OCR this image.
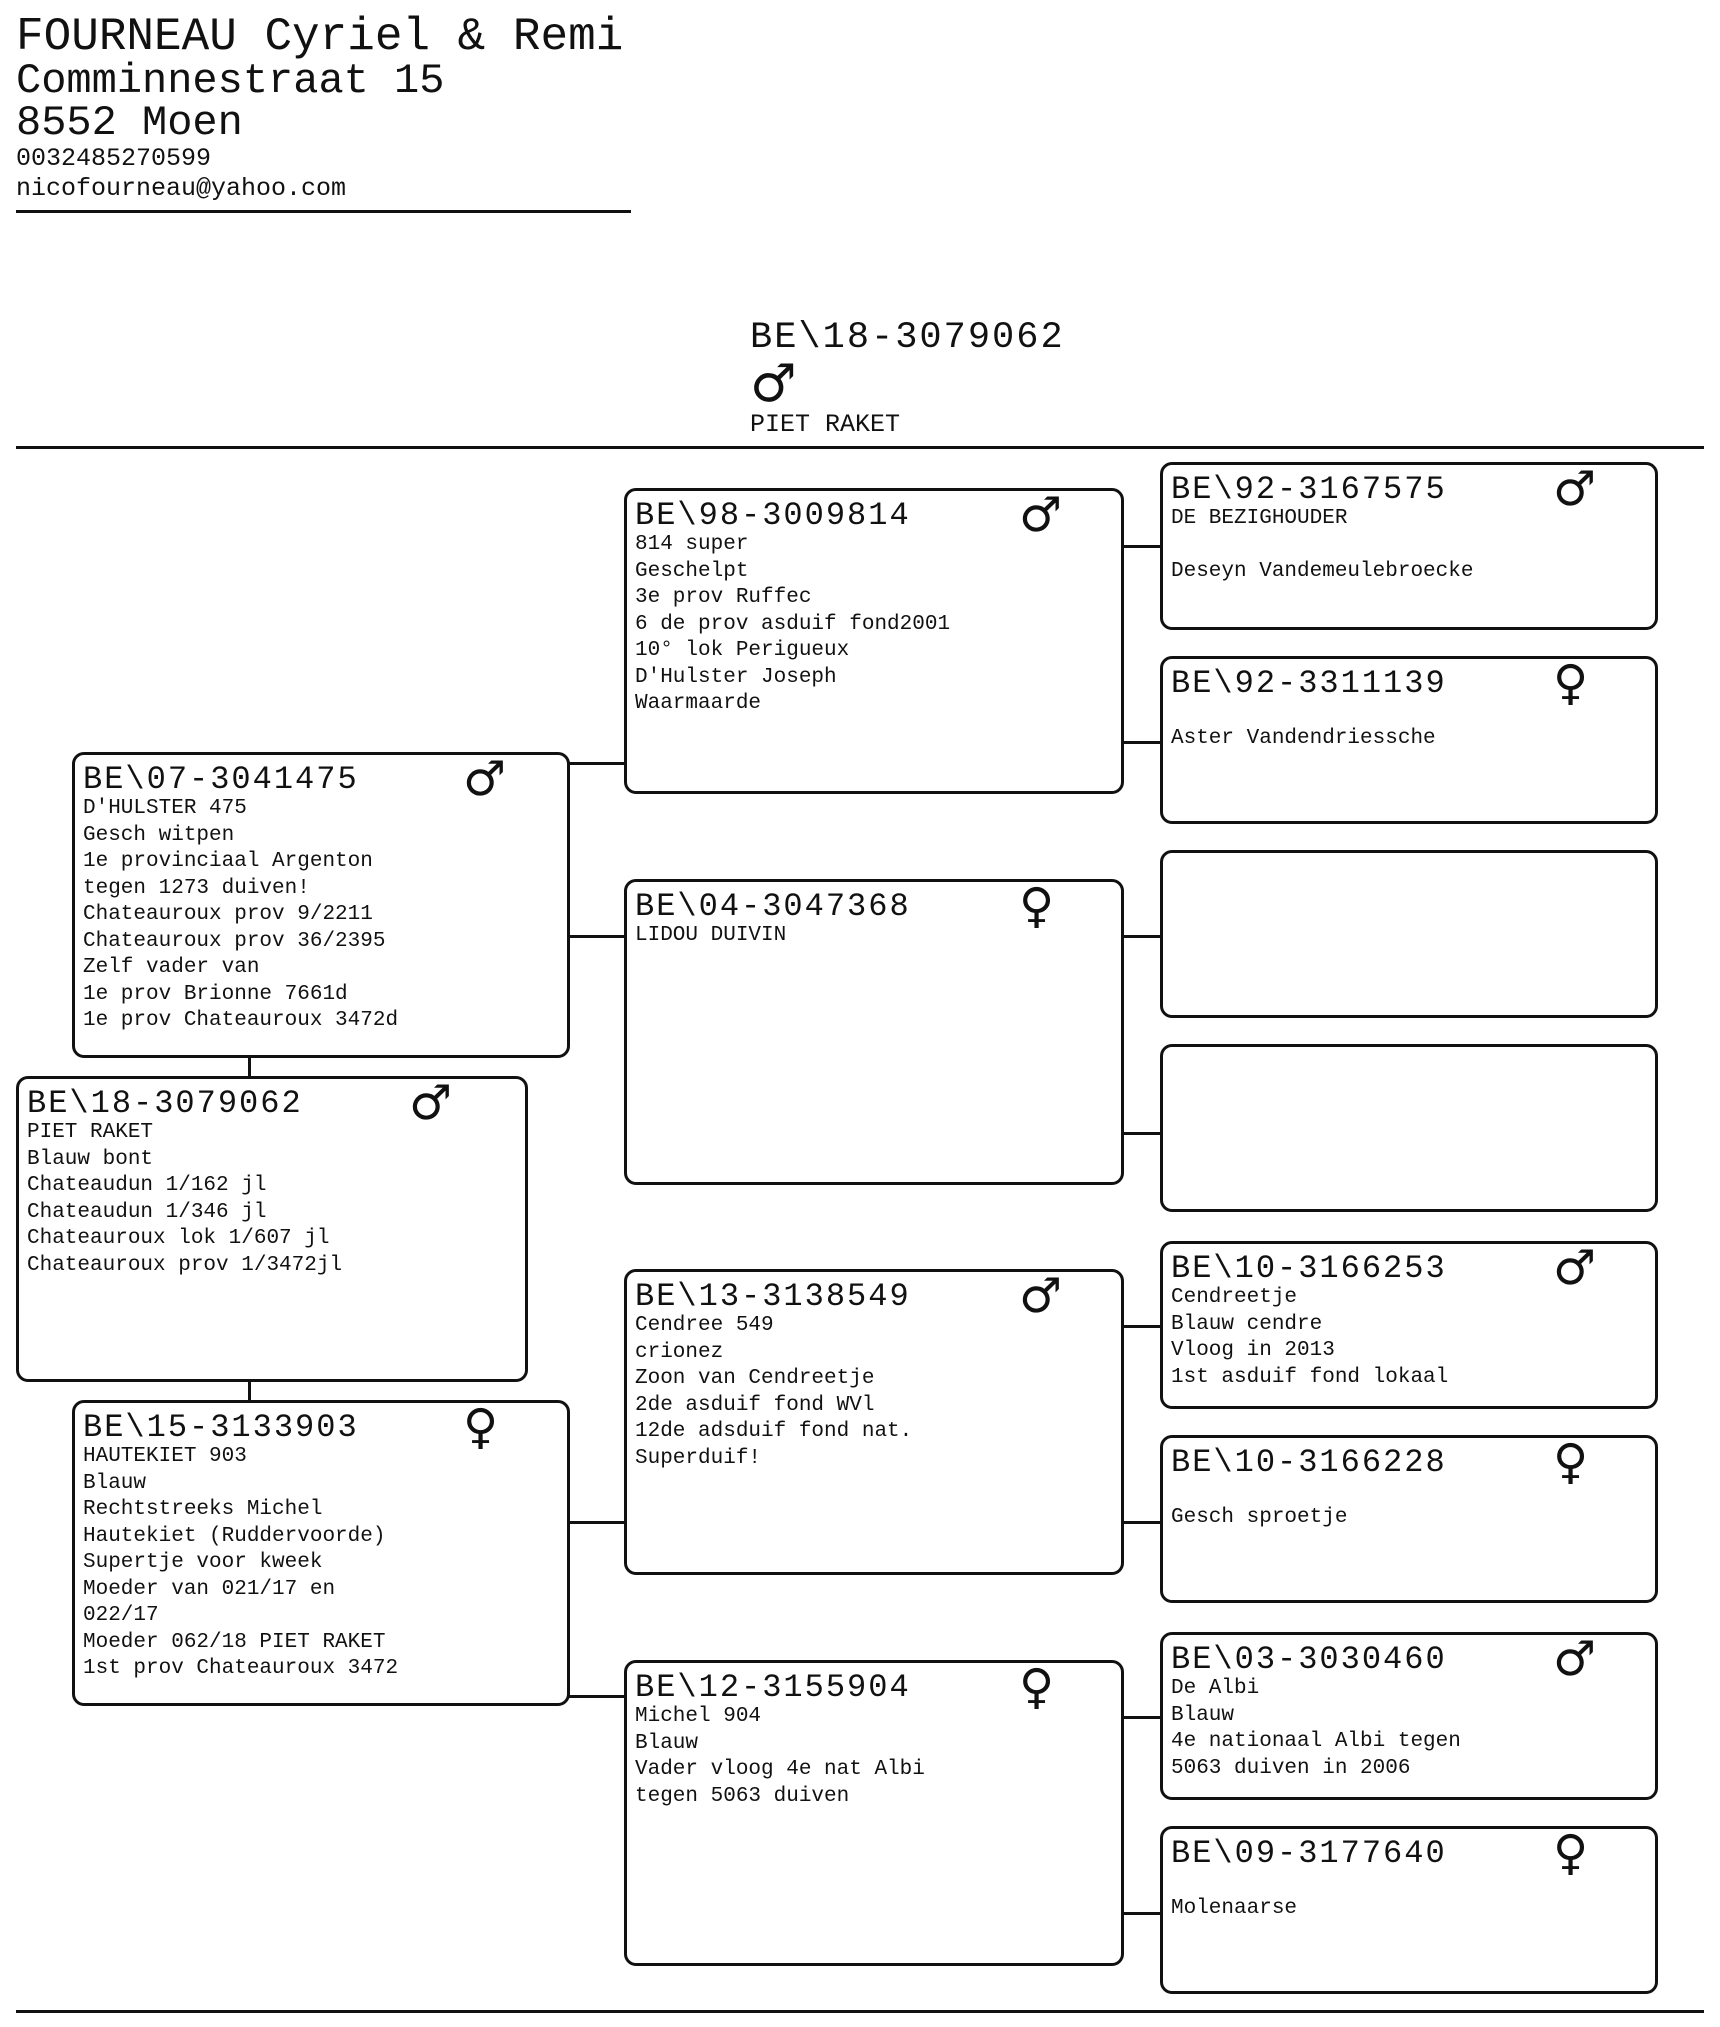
FOURNEAU Cyriel & Remi
Comminnestraat 15
8552 Moen
0032485270599
nicofourneau@yahoo.com
BE\18-3079062
♂
PIET RAKET
BE\18-3079062	♂
PIET RAKET
Blauw bont
Chateaudun 1/162 jl
Chateaudun 1/346 jl
Chateauroux lok 1/607 jl
Chateauroux prov 1/3472jl
BE\07-3041475	♂
D'HULSTER 475
Gesch witpen
1e provinciaal Argenton
tegen 1273 duiven!
Chateauroux prov 9/2211
Chateauroux prov 36/2395
Zelf vader van
1e prov Brionne 7661d
1e prov Chateauroux 3472d
BE\15-3133903	♀
HAUTEKIET 903
Blauw
Rechtstreeks Michel
Hautekiet (Ruddervoorde)
Supertje voor kweek
Moeder van 021/17 en
022/17
Moeder 062/18 PIET RAKET
1st prov Chateauroux 3472
BE\98-3009814	♂
814 super
Geschelpt
3e prov Ruffec
6 de prov asduif fond2001
10° lok Perigueux
D'Hulster Joseph
Waarmaarde
BE\04-3047368	♀
LIDOU DUIVIN
BE\13-3138549	♂
Cendree 549
crionez
Zoon van Cendreetje
2de asduif fond WVl
12de adsduif fond nat.
Superduif!
BE\12-3155904	♀
Michel 904
Blauw
Vader vloog 4e nat Albi
tegen 5063 duiven
BE\92-3167575	♂
DE BEZIGHOUDER
Deseyn Vandemeulebroecke
BE\92-3311139	♀
Aster Vandendriessche
BE\10-3166253	♂
Cendreetje
Blauw cendre
Vloog in 2013
1st asduif fond lokaal
BE\10-3166228	♀
Gesch sproetje
BE\03-3030460	♂
De Albi
Blauw
4e nationaal Albi tegen
5063 duiven in 2006
BE\09-3177640	♀
Molenaarse
